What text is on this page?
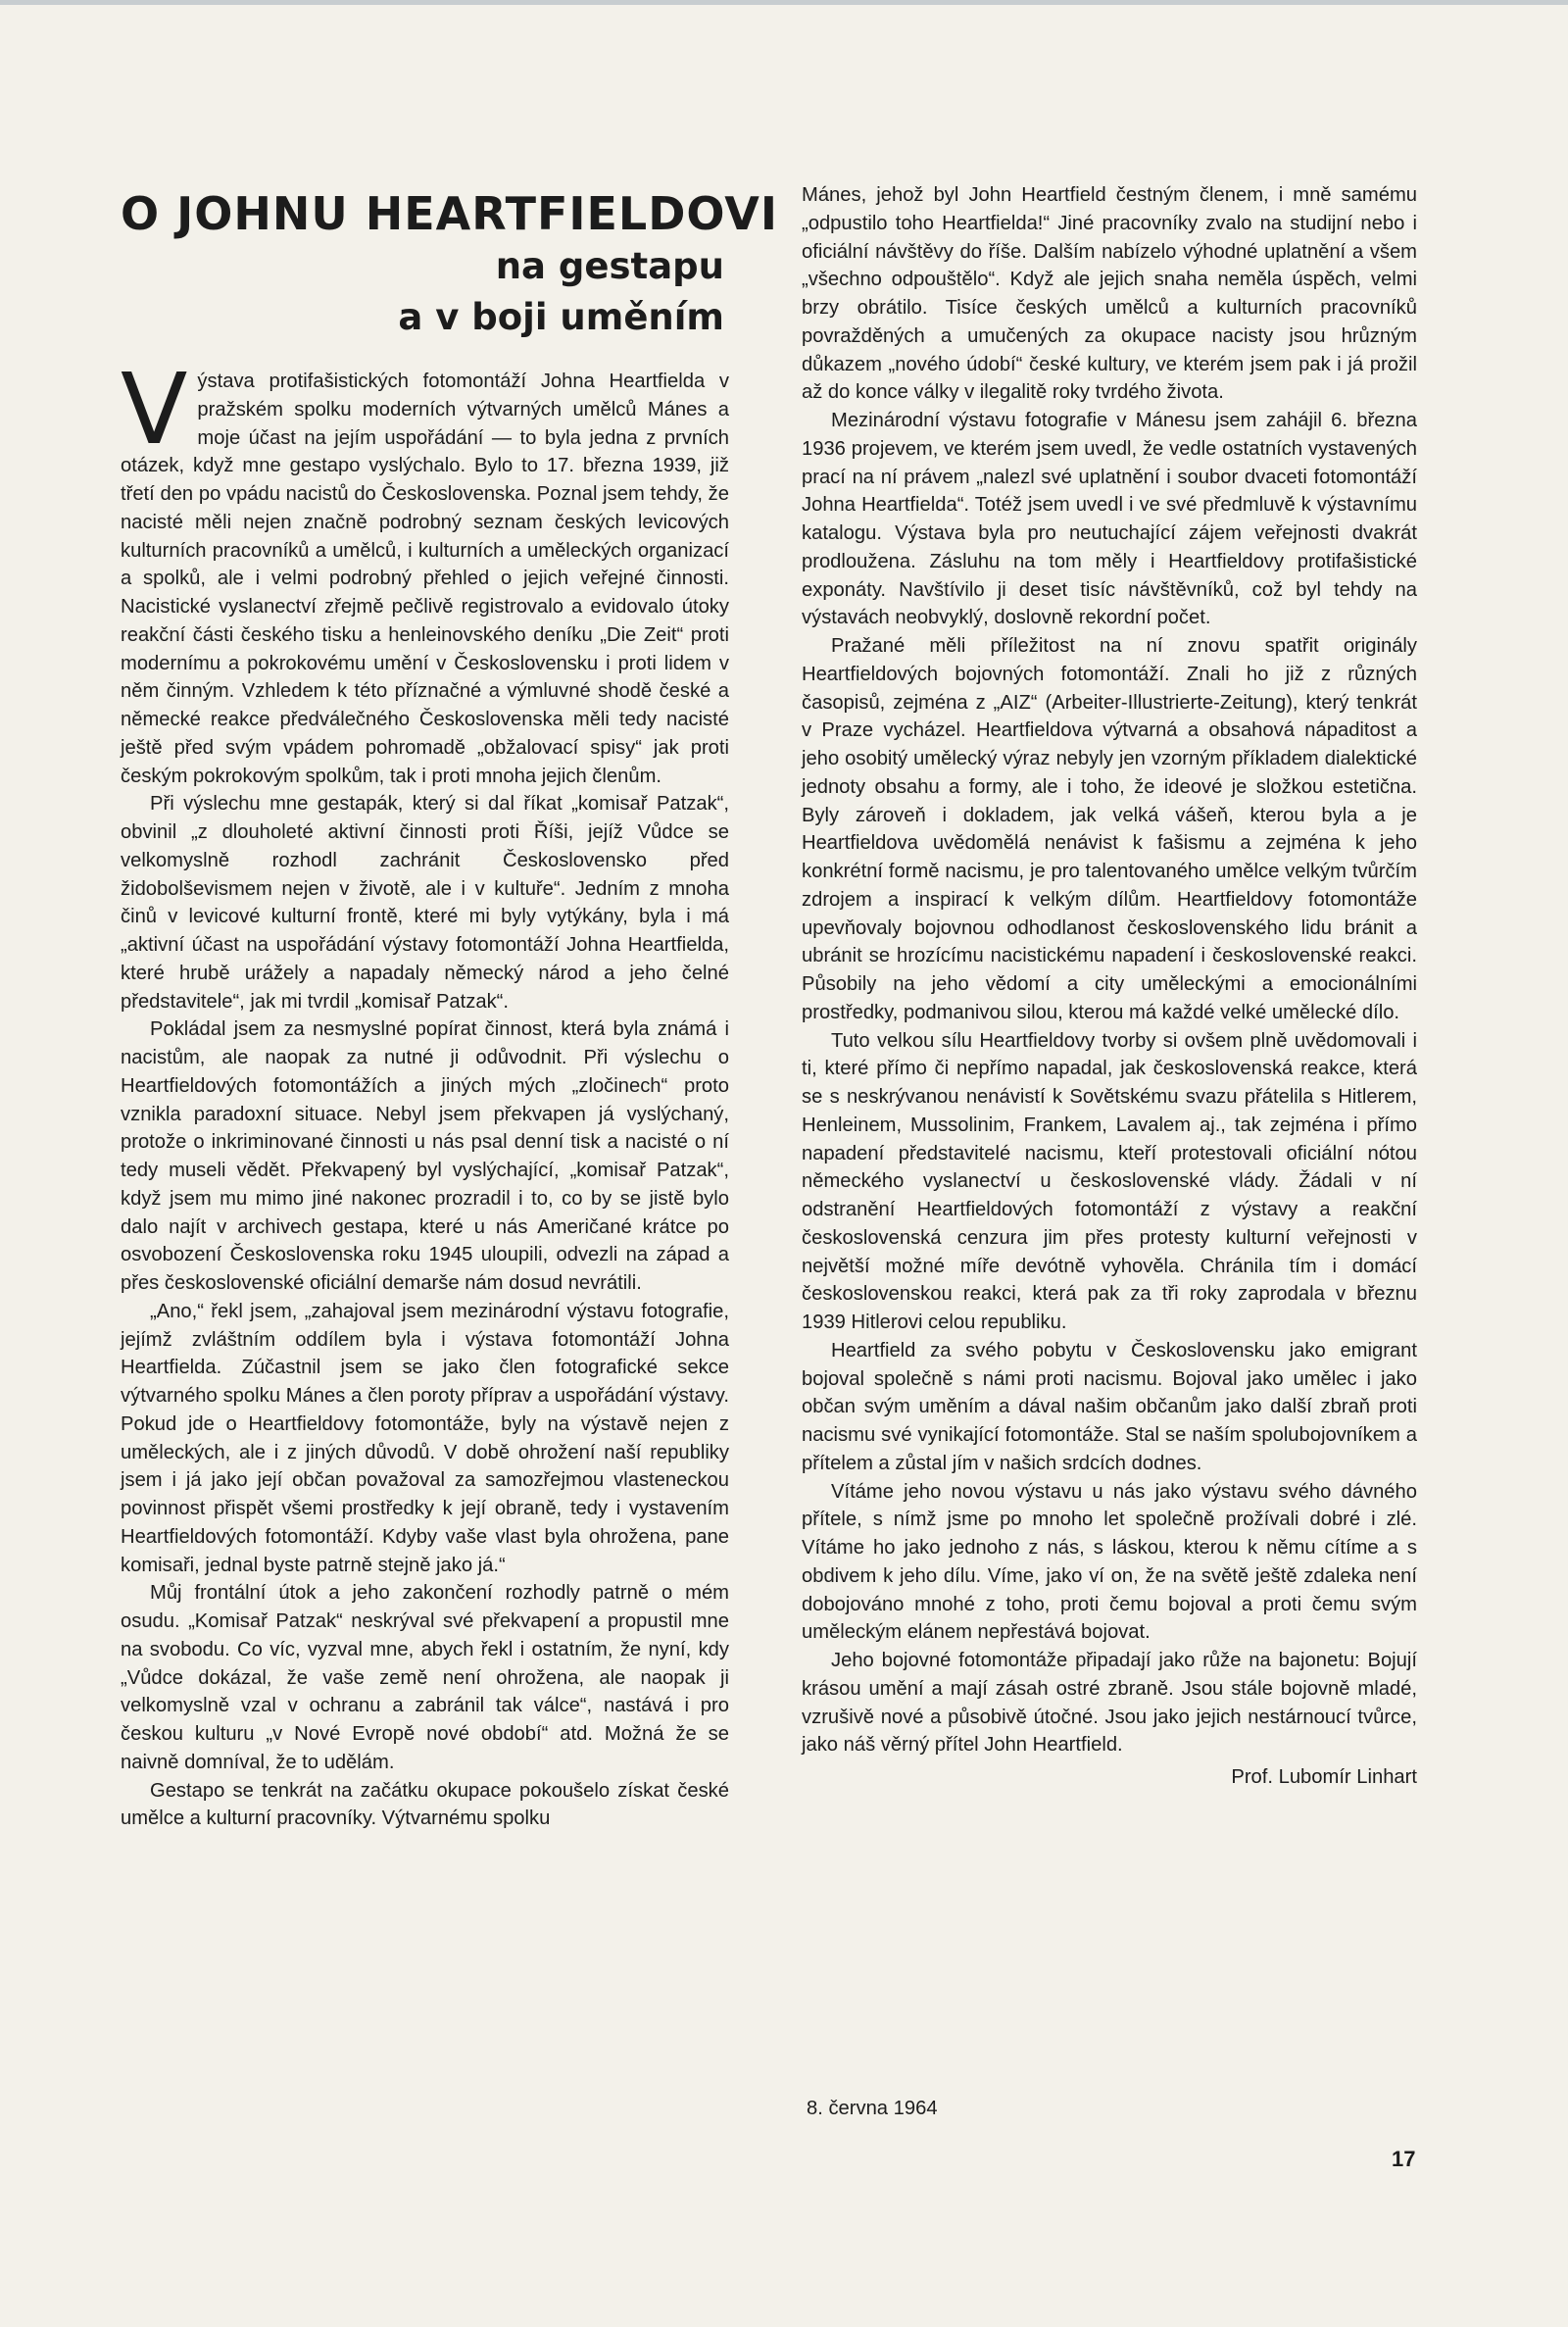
O JOHNU HEARTFIELDOVI
na gestapu
a v boji uměním

Výstava protifašistických fotomontáží Johna Heartfielda v pražském spolku moderních výtvarných umělců Mánes a moje účast na jejím uspořádání — to byla jedna z prvních otázek, když mne gestapo vyslýchalo. Bylo to 17. března 1939, již třetí den po vpádu nacistů do Československa. Poznal jsem tehdy, že nacisté měli nejen značně podrobný seznam českých levicových kulturních pracovníků a umělců, i kulturních a uměleckých organizací a spolků, ale i velmi podrobný přehled o jejich veřejné činnosti. Nacistické vyslanectví zřejmě pečlivě registrovalo a evidovalo útoky reakční části českého tisku a henleinovského deníku „Die Zeit“ proti modernímu a pokrokovému umění v Československu i proti lidem v něm činným. Vzhledem k této příznačné a výmluvné shodě české a německé reakce předválečného Československa měli tedy nacisté ještě před svým vpádem pohromadě „obžalovací spisy“ jak proti českým pokrokovým spolkům, tak i proti mnoha jejich členům.

Při výslechu mne gestapák, který si dal říkat „komisař Patzak“, obvinil „z dlouholeté aktivní činnosti proti Říši, jejíž Vůdce se velkomyslně rozhodl zachránit Československo před židobolševismem nejen v životě, ale i v kultuře“. Jedním z mnoha činů v levicové kulturní frontě, které mi byly vytýkány, byla i má „aktivní účast na uspořádání výstavy fotomontáží Johna Heartfielda, které hrubě urážely a napadaly německý národ a jeho čelné představitele“, jak mi tvrdil „komisař Patzak“.

Pokládal jsem za nesmyslné popírat činnost, která byla známá i nacistům, ale naopak za nutné ji odůvodnit. Při výslechu o Heartfieldových fotomontážích a jiných mých „zločinech“ proto vznikla paradoxní situace. Nebyl jsem překvapen já vyslýchaný, protože o inkriminované činnosti u nás psal denní tisk a nacisté o ní tedy museli vědět. Překvapený byl vyslýchající, „komisař Patzak“, když jsem mu mimo jiné nakonec prozradil i to, co by se jistě bylo dalo najít v archivech gestapa, které u nás Američané krátce po osvobození Československa roku 1945 uloupili, odvezli na západ a přes československé oficiální demarše nám dosud nevrátili.

„Ano,“ řekl jsem, „zahajoval jsem mezinárodní výstavu fotografie, jejímž zvláštním oddílem byla i výstava fotomontáží Johna Heartfielda. Zúčastnil jsem se jako člen fotografické sekce výtvarného spolku Mánes a člen poroty příprav a uspořádání výstavy. Pokud jde o Heartfieldovy fotomontáže, byly na výstavě nejen z uměleckých, ale i z jiných důvodů. V době ohrožení naší republiky jsem i já jako její občan považoval za samozřejmou vlasteneckou povinnost přispět všemi prostředky k její obraně, tedy i vystavením Heartfieldových fotomontáží. Kdyby vaše vlast byla ohrožena, pane komisaři, jednal byste patrně stejně jako já.“

Můj frontální útok a jeho zakončení rozhodly patrně o mém osudu. „Komisař Patzak“ neskrýval své překvapení a propustil mne na svobodu. Co víc, vyzval mne, abych řekl i ostatním, že nyní, kdy „Vůdce dokázal, že vaše země není ohrožena, ale naopak ji velkomyslně vzal v ochranu a zabránil tak válce“, nastává i pro českou kulturu „v Nové Evropě nové období“ atd. Možná že se naivně domníval, že to udělám.

Gestapo se tenkrát na začátku okupace pokoušelo získat české umělce a kulturní pracovníky. Výtvarnému spolku

Mánes, jehož byl John Heartfield čestným členem, i mně samému „odpustilo toho Heartfielda!“ Jiné pracovníky zvalo na studijní nebo i oficiální návštěvy do říše. Dalším nabízelo výhodné uplatnění a všem „všechno odpouštělo“. Když ale jejich snaha neměla úspěch, velmi brzy obrátilo. Tisíce českých umělců a kulturních pracovníků povražděných a umučených za okupace nacisty jsou hrůzným důkazem „nového údobí“ české kultury, ve kterém jsem pak i já prožil až do konce války v ilegalitě roky tvrdého života.

Mezinárodní výstavu fotografie v Mánesu jsem zahájil 6. března 1936 projevem, ve kterém jsem uvedl, že vedle ostatních vystavených prací na ní právem „nalezl své uplatnění i soubor dvaceti fotomontáží Johna Heartfielda“. Totéž jsem uvedl i ve své předmluvě k výstavnímu katalogu. Výstava byla pro neutuchající zájem veřejnosti dvakrát prodloužena. Zásluhu na tom měly i Heartfieldovy protifašistické exponáty. Navštívilo ji deset tisíc návštěvníků, což byl tehdy na výstavách neobvyklý, doslovně rekordní počet.

Pražané měli příležitost na ní znovu spatřit originály Heartfieldových bojovných fotomontáží. Znali ho již z různých časopisů, zejména z „AIZ“ (Arbeiter-Illustrierte-Zeitung), který tenkrát v Praze vycházel. Heartfieldova výtvarná a obsahová nápaditost a jeho osobitý umělecký výraz nebyly jen vzorným příkladem dialektické jednoty obsahu a formy, ale i toho, že ideové je složkou estetična. Byly zároveň i dokladem, jak velká vášeň, kterou byla a je Heartfieldova uvědomělá nenávist k fašismu a zejména k jeho konkrétní formě nacismu, je pro talentovaného umělce velkým tvůrčím zdrojem a inspirací k velkým dílům. Heartfieldovy fotomontáže upevňovaly bojovnou odhodlanost československého lidu bránit a ubránit se hrozícímu nacistickému napadení i československé reakci. Působily na jeho vědomí a city uměleckými a emocionálními prostředky, podmanivou silou, kterou má každé velké umělecké dílo.

Tuto velkou sílu Heartfieldovy tvorby si ovšem plně uvědomovali i ti, které přímo či nepřímo napadal, jak československá reakce, která se s neskrývanou nenávistí k Sovětskému svazu přátelila s Hitlerem, Henleinem, Mussolinim, Frankem, Lavalem aj., tak zejména i přímo napadení představitelé nacismu, kteří protestovali oficiální nótou německého vyslanectví u československé vlády. Žádali v ní odstranění Heartfieldových fotomontáží z výstavy a reakční československá cenzura jim přes protesty kulturní veřejnosti v největší možné míře devótně vyhověla. Chránila tím i domácí československou reakci, která pak za tři roky zaprodala v březnu 1939 Hitlerovi celou republiku.

Heartfield za svého pobytu v Československu jako emigrant bojoval společně s námi proti nacismu. Bojoval jako umělec i jako občan svým uměním a dával našim občanům jako další zbraň proti nacismu své vynikající fotomontáže. Stal se naším spolubojovníkem a přítelem a zůstal jím v našich srdcích dodnes.

Vítáme jeho novou výstavu u nás jako výstavu svého dávného přítele, s nímž jsme po mnoho let společně prožívali dobré i zlé. Vítáme ho jako jednoho z nás, s láskou, kterou k němu cítíme a s obdivem k jeho dílu. Víme, jako ví on, že na světě ještě zdaleka není dobojováno mnohé z toho, proti čemu bojoval a proti čemu svým uměleckým elánem nepřestává bojovat.

Jeho bojovné fotomontáže připadají jako růže na bajonetu: Bojují krásou umění a mají zásah ostré zbraně. Jsou stále bojovně mladé, vzrušivě nové a působivě útočné. Jsou jako jejich nestárnoucí tvůrce, jako náš věrný přítel John Heartfield.

Prof. Lubomír Linhart
8. června 1964
17
